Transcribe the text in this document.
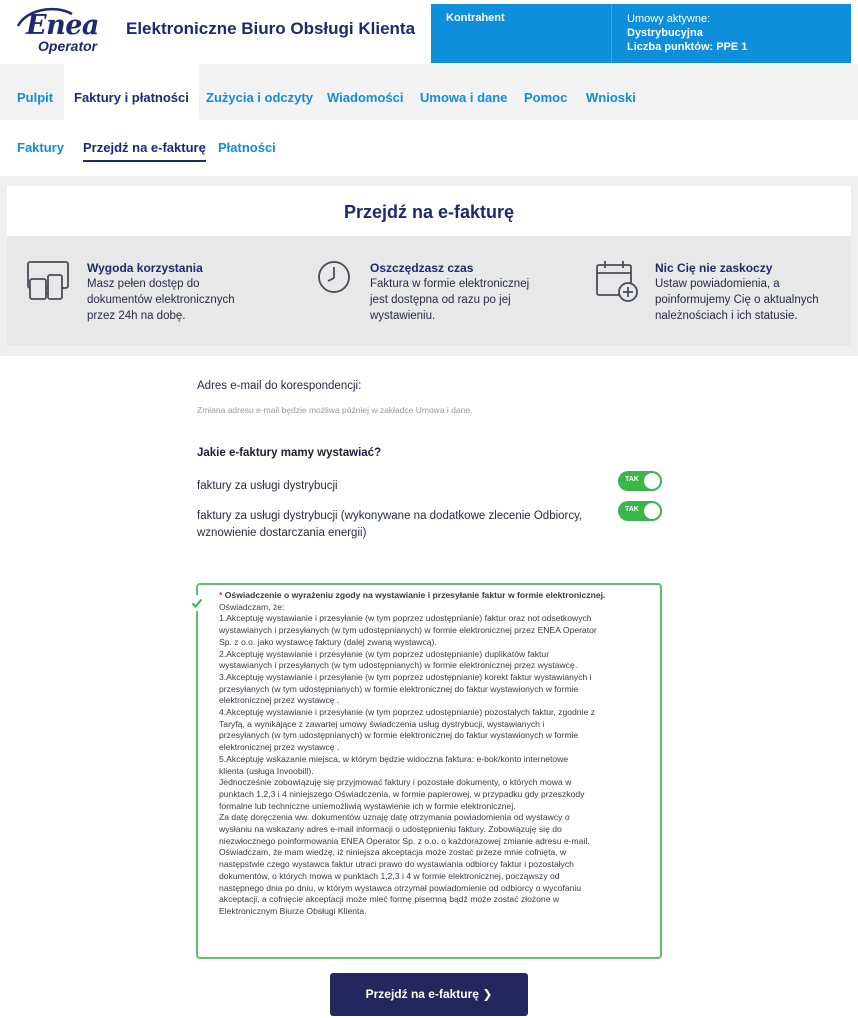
Enea
Operator
Elektroniczne Biuro Obsługi Klienta
Kontrahent	Umowy aktywne:
Dystrybucyjna
Liczba punktów: PPE 1
Pulpit	Faktury i płatności	Zużycia i odczyty Wiadomości Umowa i dane Pomoc Wnioski
Faktury Przejdź na e-fakturę Płatności
Przejdź na e-fakturę
Wygoda korzystania
Masz pełen dostęp do
dokumentów elektronicznych
przez 24h na dobę.
Oszczędzasz czas
Faktura w formie elektronicznej
jest dostępna od razu po jej
wystawieniu.
Nic Cię nie zaskoczy
Ustaw powiadomienia, a
poinformujemy Cię o aktualnych
należnościach i ich statusie.
Adres e-mail do korespondencji:
Zmiana adresu e-mail będzie możliwa później w zakładce Umowa i dane.
Jakie e-faktury mamy wystawiać?
faktury za usługi dystrybucji
TAK
faktury za usługi dystrybucji (wykonywane na dodatkowe zlecenie Odbiorcy,
wznowienie dostarczania energii)
TAK

* Oświadczenie o wyrażeniu zgody na wystawianie i przesyłanie faktur w formie elektronicznej.

Oświadczam, że:

1.Akceptuję wystawianie i przesyłanie (w tym poprzez udostępnianie) faktur oraz not odsetkowych

wystawianych i przesyłanych (w tym udostępnianych) w formie elektronicznej przez ENEA Operator

Sp. z o.o. jako wystawcę faktury (dalej zwaną wystawcą).

2.Akceptuję wystawianie i przesyłanie (w tym poprzez udostępnianie) duplikatów faktur

wystawianych i przesyłanych (w tym udostępnianych) w formie elektronicznej przez wystawcę.

3.Akceptuję wystawianie i przesyłanie (w tym poprzez udostępnianie) korekt faktur wystawianych i

przesyłanych (w tym udostępnianych) w formie elektronicznej do faktur wystawionych w formie

elektronicznej przez wystawcę .

4.Akceptuję wystawianie i przesyłanie (w tym poprzez udostępnianie) pozostałych faktur, zgodnie z

Taryfą, a wynikające z zawartej umowy świadczenia usług dystrybucji, wystawianych i

przesyłanych (w tym udostępnianych) w formie elektronicznej do faktur wystawionych w formie

elektronicznej przez wystawcę .

5.Akceptuję wskazanie miejsca, w którym będzie widoczna faktura: e-bok/konto internetowe

klienta (usługa Invoobill).

Jednocześnie zobowiązuję się przyjmować faktury i pozostałe dokumenty, o których mowa w

punktach 1,2,3 i 4 niniejszego Oświadczenia, w formie papierowej, w przypadku gdy przeszkody

formalne lub techniczne uniemożliwią wystawienie ich w formie elektronicznej.

Za datę doręczenia ww. dokumentów uznaję datę otrzymania powiadomienia od wystawcy o

wysłaniu na wskazany adres e-mail informacji o udostępnieniu faktury. Zobowiązuję się do

niezwłocznego poinformowania ENEA Operator Sp. z o.o. o każdorazowej zmianie adresu e-mail.

Oświadczam, że mam wiedzę, iż niniejsza akceptacja może zostać przeze mnie cofnięta, w

następstwie czego wystawca faktur utraci prawo do wystawiania odbiorcy faktur i pozostałych

dokumentów, o których mowa w punktach 1,2,3 i 4 w formie elektronicznej, począwszy od

następnego dnia po dniu, w którym wystawca otrzymał powiadomienie od odbiorcy o wycofaniu

akceptacji, a cofnięcie akceptacji może mieć formę pisemną bądź może zostać złożone w

Elektronicznym Biurze Obsługi Klienta.

Przejdź na e-fakturę ❯
